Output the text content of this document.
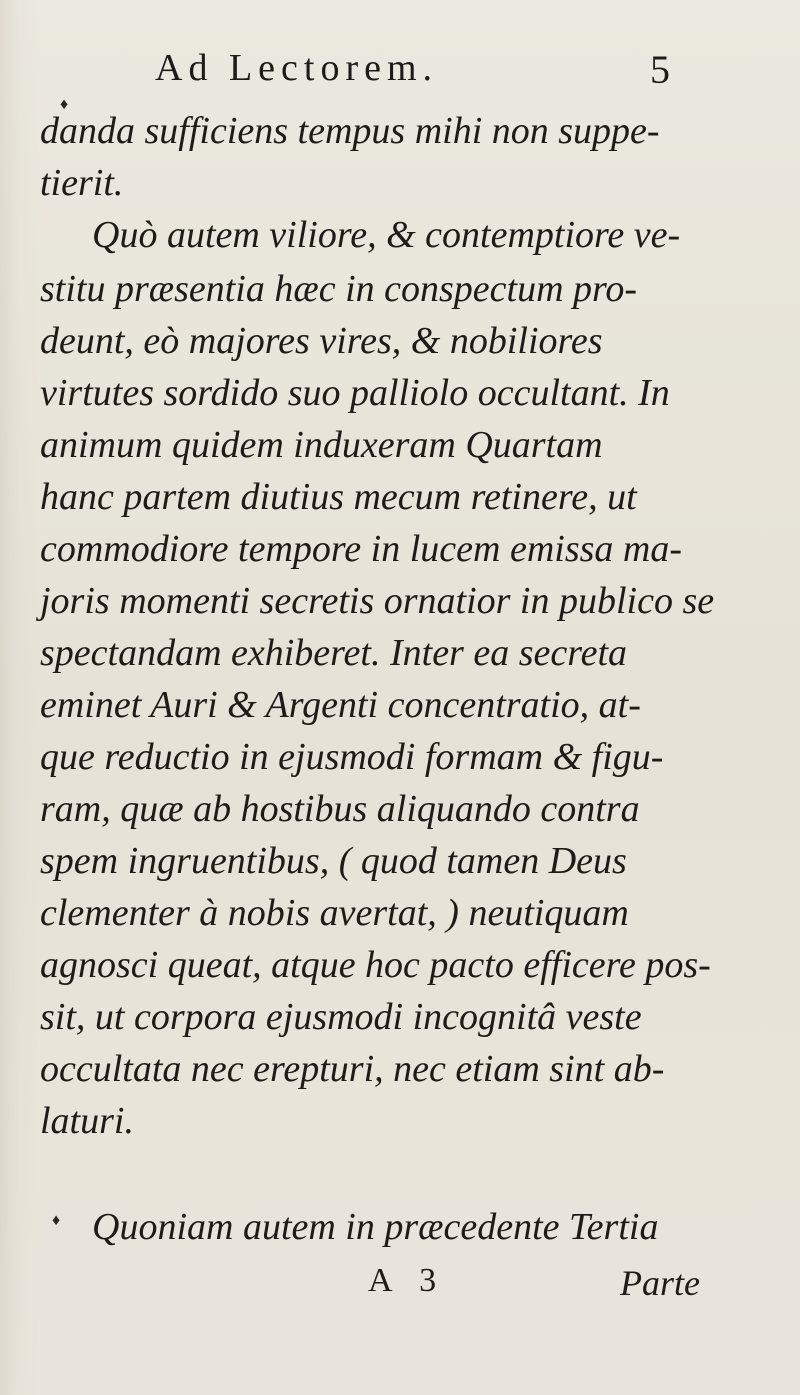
Ad Lectorem.	5
♦
♦
danda sufficiens tempus mihi non suppe-
tierit.
Quò autem viliore, & contemptiore ve-
stitu præsentia hæc in conspectum pro-
deunt, eò majores vires, & nobiliores
virtutes sordido suo palliolo occultant. In
animum quidem induxeram Quartam
hanc partem diutius mecum retinere, ut
commodiore tempore in lucem emissa ma-
joris momenti secretis ornatior in publico se
spectandam exhiberet. Inter ea secreta
eminet Auri & Argenti concentratio, at-
que reductio in ejusmodi formam & figu-
ram, quæ ab hostibus aliquando contra
spem ingruentibus, ( quod tamen Deus
clementer à nobis avertat, ) neutiquam
agnosci queat, atque hoc pacto efficere pos-
sit, ut corpora ejusmodi incognitâ veste
occultata nec erepturi, nec etiam sint ab-
laturi.
Quoniam autem in præcedente Tertia
A 3	Parte
